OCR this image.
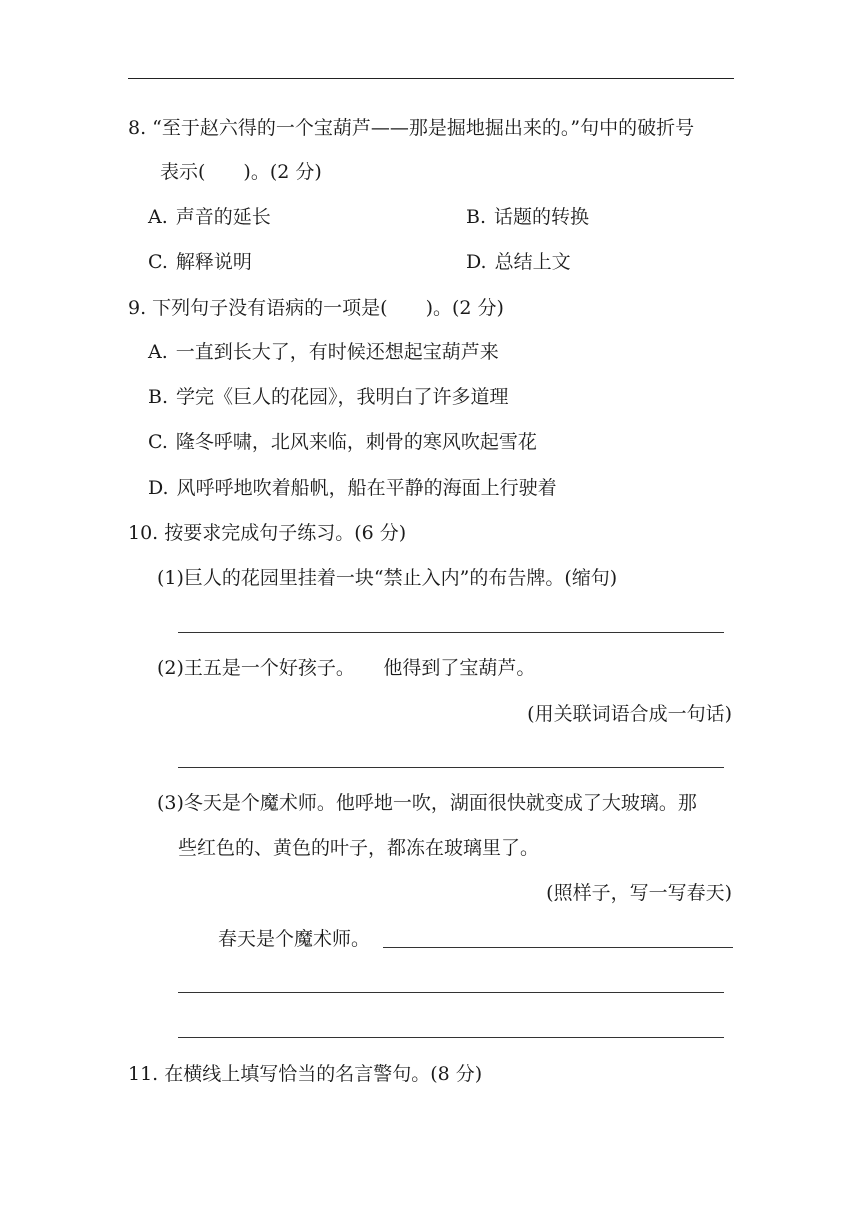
8. “至于赵六得的一个宝葫芦——那是掘地掘出来的。”句中的破折号
表示(　　)。(2 分)
A. 声音的延长	B. 话题的转换
C. 解释说明	D. 总结上文
9. 下列句子没有语病的一项是(　　)。(2 分)
A. 一直到长大了，有时候还想起宝葫芦来
B. 学完《巨人的花园》，我明白了许多道理
C. 隆冬呼啸，北风来临，刺骨的寒风吹起雪花
D. 风呼呼地吹着船帆，船在平静的海面上行驶着
10. 按要求完成句子练习。(6 分)
(1)巨人的花园里挂着一块“禁止入内”的布告牌。(缩句)
(2)王五是一个好孩子。　　他得到了宝葫芦。
(用关联词语合成一句话)
(3)冬天是个魔术师。他呼地一吹，湖面很快就变成了大玻璃。那
些红色的、黄色的叶子，都冻在玻璃里了。
(照样子，写一写春天)
春天是个魔术师。
11. 在横线上填写恰当的名言警句。(8 分)
